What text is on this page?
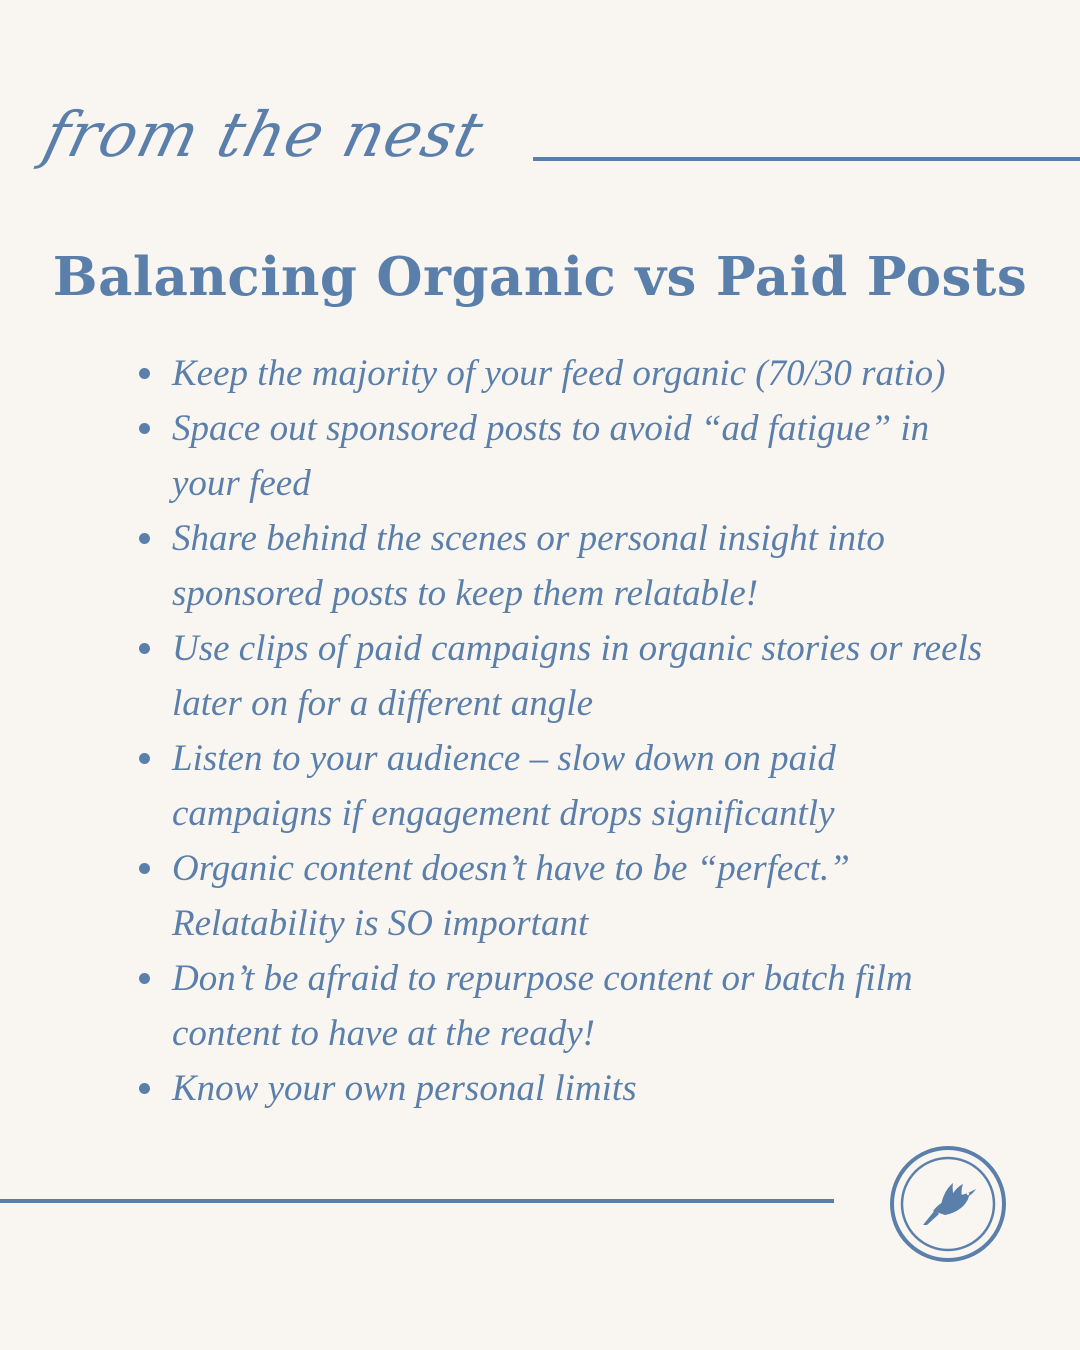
from the nest
Balancing Organic vs Paid Posts
Keep the majority of your feed organic (70/30 ratio)
Space out sponsored posts to avoid “ad fatigue” in your feed
Share behind the scenes or personal insight into sponsored posts to keep them relatable!
Use clips of paid campaigns in organic stories or reels later on for a different angle
Listen to your audience – slow down on paid campaigns if engagement drops significantly
Organic content doesn’t have to be “perfect.” Relatability is SO important
Don’t be afraid to repurpose content or batch film content to have at the ready!
Know your own personal limits
